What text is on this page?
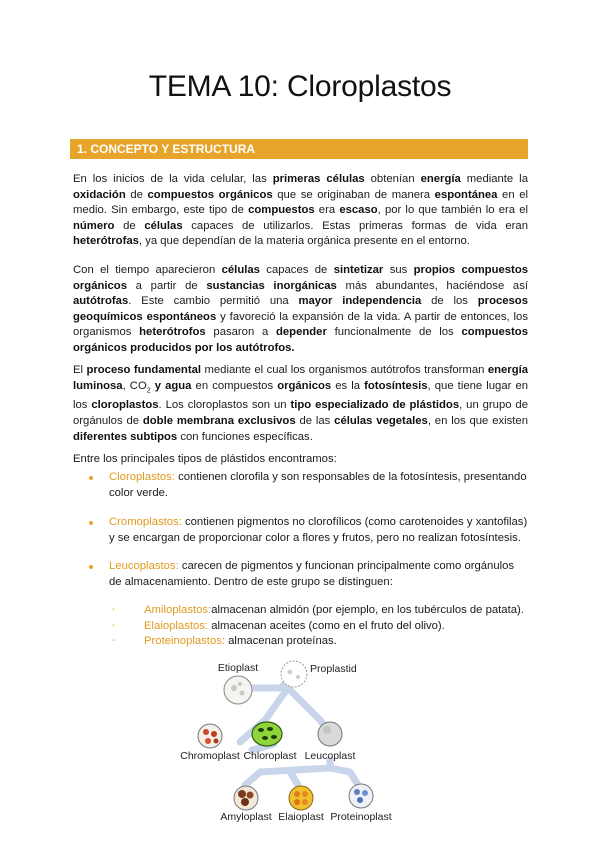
TEMA 10: Cloroplastos
1. CONCEPTO Y ESTRUCTURA

En los inicios de la vida celular, las primeras células obtenían energía mediante la oxidación de compuestos orgánicos que se originaban de manera espontánea en el medio. Sin embargo, este tipo de compuestos era escaso, por lo que también lo era el número de células capaces de utilizarlos. Estas primeras formas de vida eran heterótrofas, ya que dependían de la materia orgánica presente en el entorno.

Con el tiempo aparecieron células capaces de sintetizar sus propios compuestos orgánicos a partir de sustancias inorgánicas más abundantes, haciéndose así autótrofas. Este cambio permitió una mayor independencia de los procesos geoquímicos espontáneos y favoreció la expansión de la vida. A partir de entonces, los organismos heterótrofos pasaron a depender funcionalmente de los compuestos orgánicos producidos por los autótrofos.

El proceso fundamental mediante el cual los organismos autótrofos transforman energía luminosa, $CO_2$ y agua en compuestos orgánicos es la fotosíntesis, que tiene lugar en los cloroplastos. Los cloroplastos son un tipo especializado de plástidos, un grupo de orgánulos de doble membrana exclusivos de las células vegetales, en los que existen diferentes subtipos con funciones específicas.

Entre los principales tipos de plástidos encontramos:

Cloroplastos: contienen clorofila y son responsables de la fotosíntesis, presentando
color verde.
Cromoplastos: contienen pigmentos no clorofílicos (como carotenoides y xantofilas)
y se encargan de proporcionar color a flores y frutos, pero no realizan fotosíntesis.
Leucoplastos: carecen de pigmentos y funcionan principalmente como orgánulos
de almacenamiento. Dentro de este grupo se distinguen:
-	Amiloplastos:almacenan almidón (por ejemplo, en los tubérculos de patata).
-	Elaioplastos: almacenan aceites (como en el fruto del olivo).
-	Proteinoplastos: almacenan proteínas.
Etioplast	Proplastid
Chromoplast Chloroplast Leucoplast
Amyloplast Elaioplast Proteinoplast
